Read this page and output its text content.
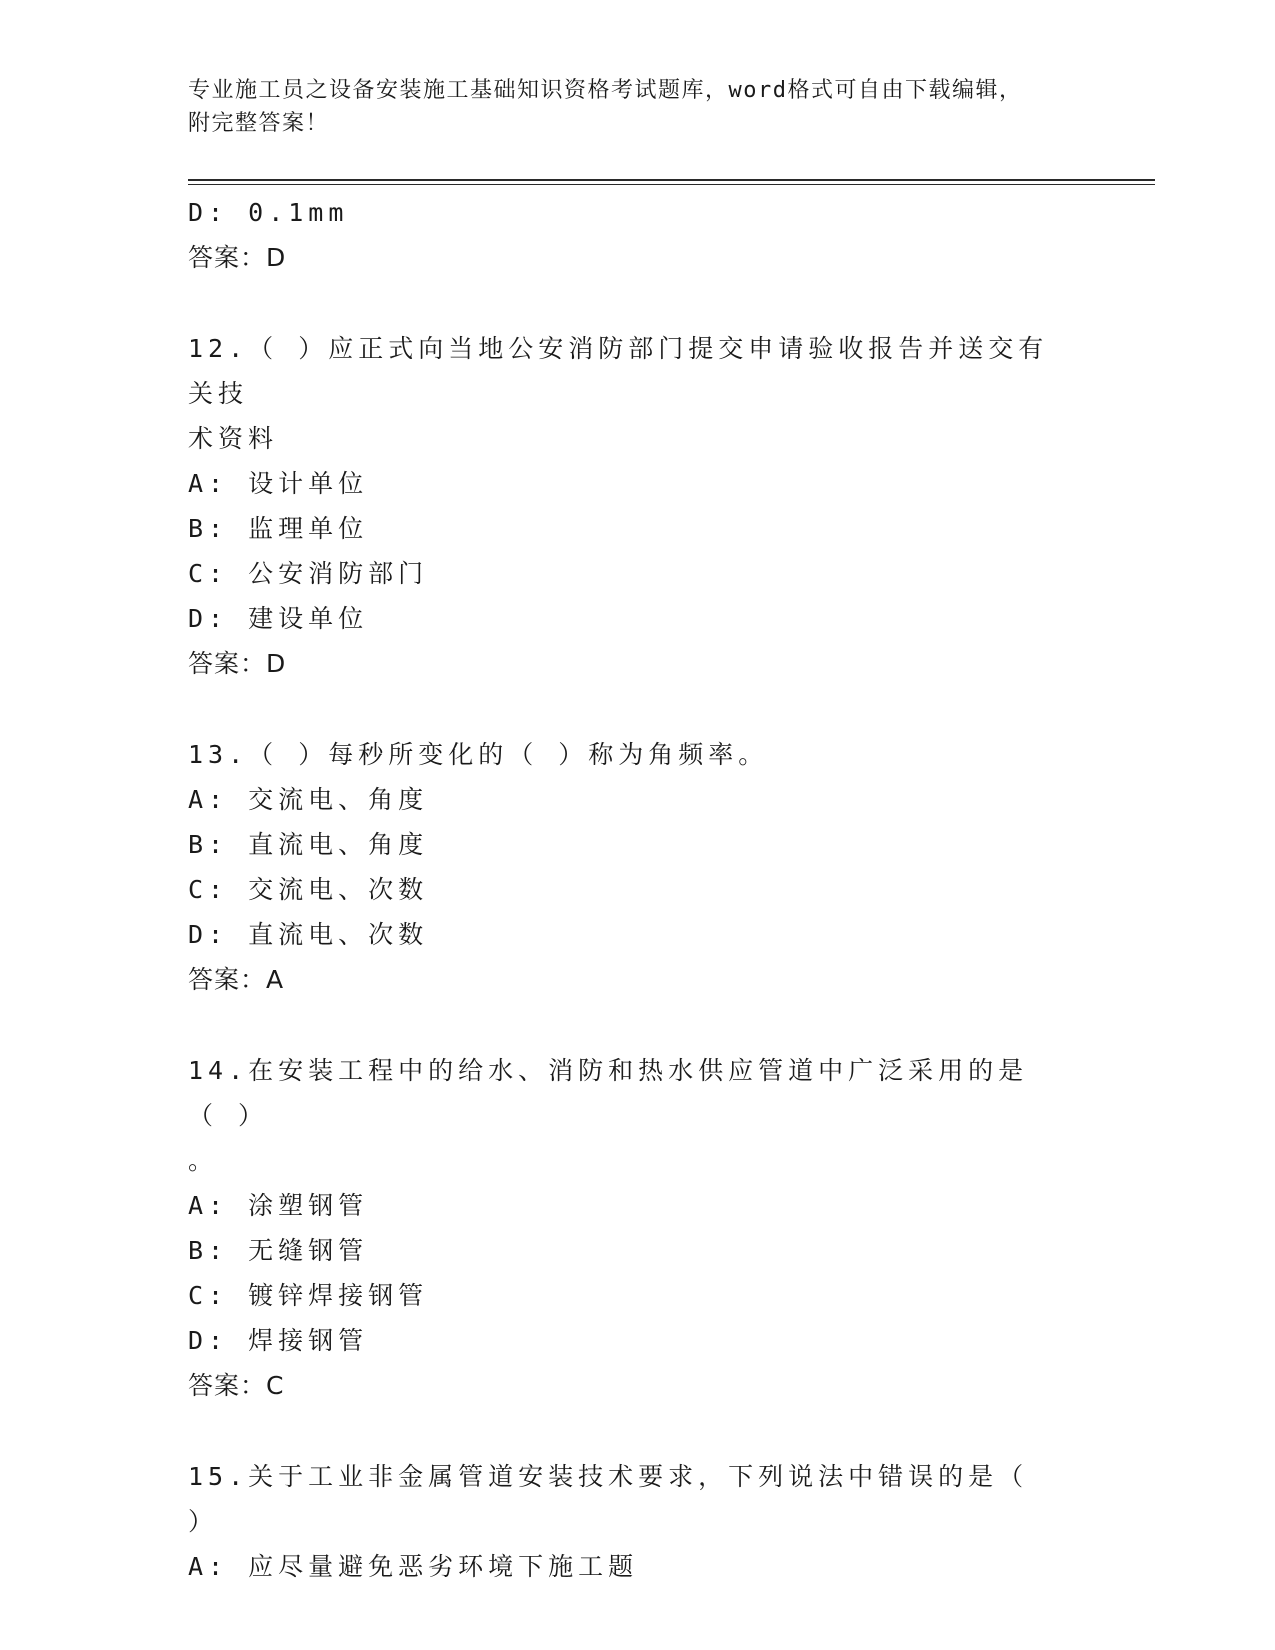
专业施工员之设备安装施工基础知识资格考试题库，word格式可自由下载编辑，
附完整答案！
D: 0.1mm
答案：D
12.（ ）应正式向当地公安消防部门提交申请验收报告并送交有关技
术资料
A: 设计单位
B: 监理单位
C: 公安消防部门
D: 建设单位
答案：D
13.（ ）每秒所变化的（ ）称为角频率。
A: 交流电、角度
B: 直流电、角度
C: 交流电、次数
D: 直流电、次数
答案：A
14.在安装工程中的给水、消防和热水供应管道中广泛采用的是（ ）
。
A: 涂塑钢管
B: 无缝钢管
C: 镀锌焊接钢管
D: 焊接钢管
答案：C
15.关于工业非金属管道安装技术要求，下列说法中错误的是（ ）
A: 应尽量避免恶劣环境下施工题
